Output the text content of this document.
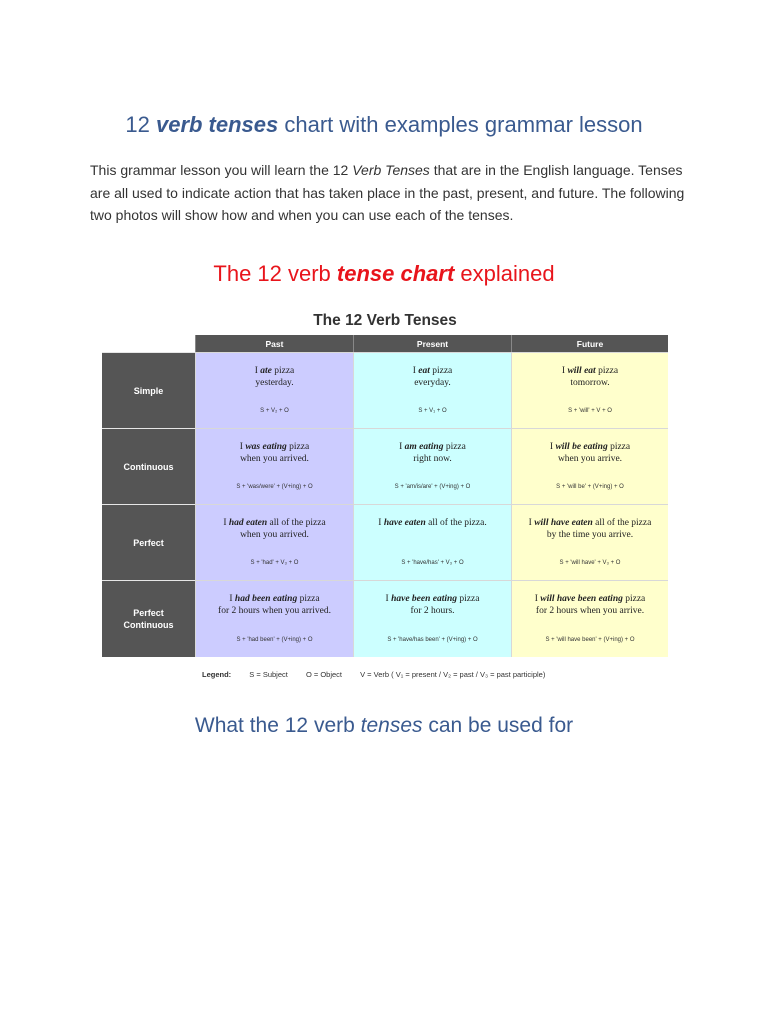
12 verb tenses chart with examples grammar lesson

This grammar lesson you will learn the 12 Verb Tenses that are in the English language. Tenses are all used to indicate action that has taken place in the past, present, and future. The following two photos will show how and when you can use each of the tenses.

The 12 verb tense chart explained
The 12 Verb Tenses
Past	Present	Future
Simple
I ate pizza
yesterday.
S + V₂ + O
I eat pizza
everyday.
S + V₁ + O
I will eat pizza
tomorrow.
S + 'will' + V + O
Continuous
I was eating pizza
when you arrived.
S + 'was/were' + (V+ing) + O
I am eating pizza
right now.
S + 'am/is/are' + (V+ing) + O
I will be eating pizza
when you arrive.
S + 'will be' + (V+ing) + O
Perfect
I had eaten all of the pizza
when you arrived.
S + 'had' + V₃ + O
I have eaten all of the pizza.

S + 'have/has' + V₃ + O
I will have eaten all of the pizza
by the time you arrive.
S + 'will have' + V₃ + O
Perfect Continuous
I had been eating pizza
for 2 hours when you arrived.
S + 'had been' + (V+ing) + O
I have been eating pizza
for 2 hours.
S + 'have/has been' + (V+ing) + O
I will have been eating pizza
for 2 hours when you arrive.
S + 'will have been' + (V+ing) + O
Legend: S = Subject O = Object V = Verb ( V₁ = present / V₂ = past / V₃ = past participle)
What the 12 verb tenses can be used for
